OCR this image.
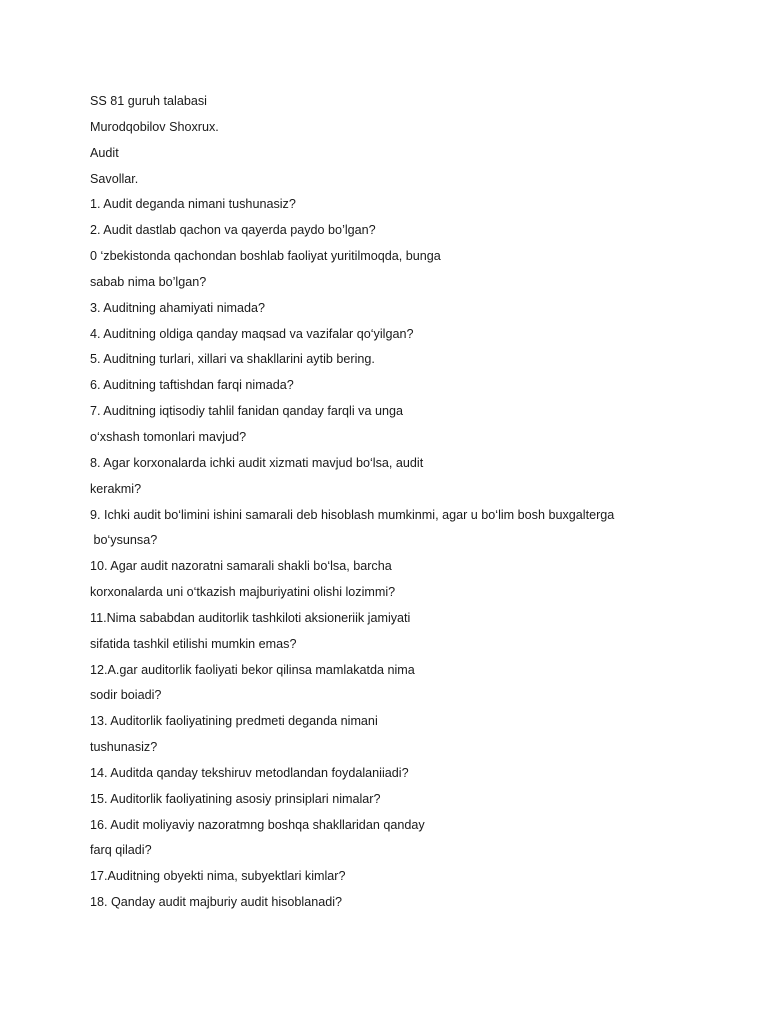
SS 81 guruh talabasi
Murodqobilov Shoxrux.
Audit
Savollar.
1. Audit deganda nimani tushunasiz?
2. Audit dastlab qachon va qayerda paydo bo’lgan?
0 ‘zbekistonda qachondan boshlab faoliyat yuritilmoqda, bunga
sabab nima bo’lgan?
3. Auditning ahamiyati nimada?
4. Auditning oldiga qanday maqsad va vazifalar qo‘yilgan?
5. Auditning turlari, xillari va shakllarini aytib bering.
6. Auditning taftishdan farqi nimada?
7. Auditning iqtisodiy tahlil fanidan qanday farqli va unga
o‘xshash tomonlari mavjud?
8. Agar korxonalarda ichki audit xizmati mavjud bo‘lsa, audit
kerakmi?
9. Ichki audit bo‘limini ishini samarali deb hisoblash mumkinmi, agar u bo‘lim bosh buxgalterga
bo‘ysunsa?
10. Agar audit nazoratni samarali shakli bo‘lsa, barcha
korxonalarda uni o‘tkazish majburiyatini olishi lozimmi?
11.Nima sababdan auditorlik tashkiloti aksioneriik jamiyati
sifatida tashkil etilishi mumkin emas?
12.A.gar auditorlik faoliyati bekor qilinsa mamlakatda nima
sodir boiadi?
13. Auditorlik faoliyatining predmeti deganda nimani
tushunasiz?
14. Auditda qanday tekshiruv metodlandan foydalaniiadi?
15. Auditorlik faoliyatining asosiy prinsiplari nimalar?
16. Audit moliyaviy nazoratmng boshqa shakllaridan qanday
farq qiladi?
17.Auditning obyekti nima, subyektlari kimlar?
18. Qanday audit majburiy audit hisoblanadi?
